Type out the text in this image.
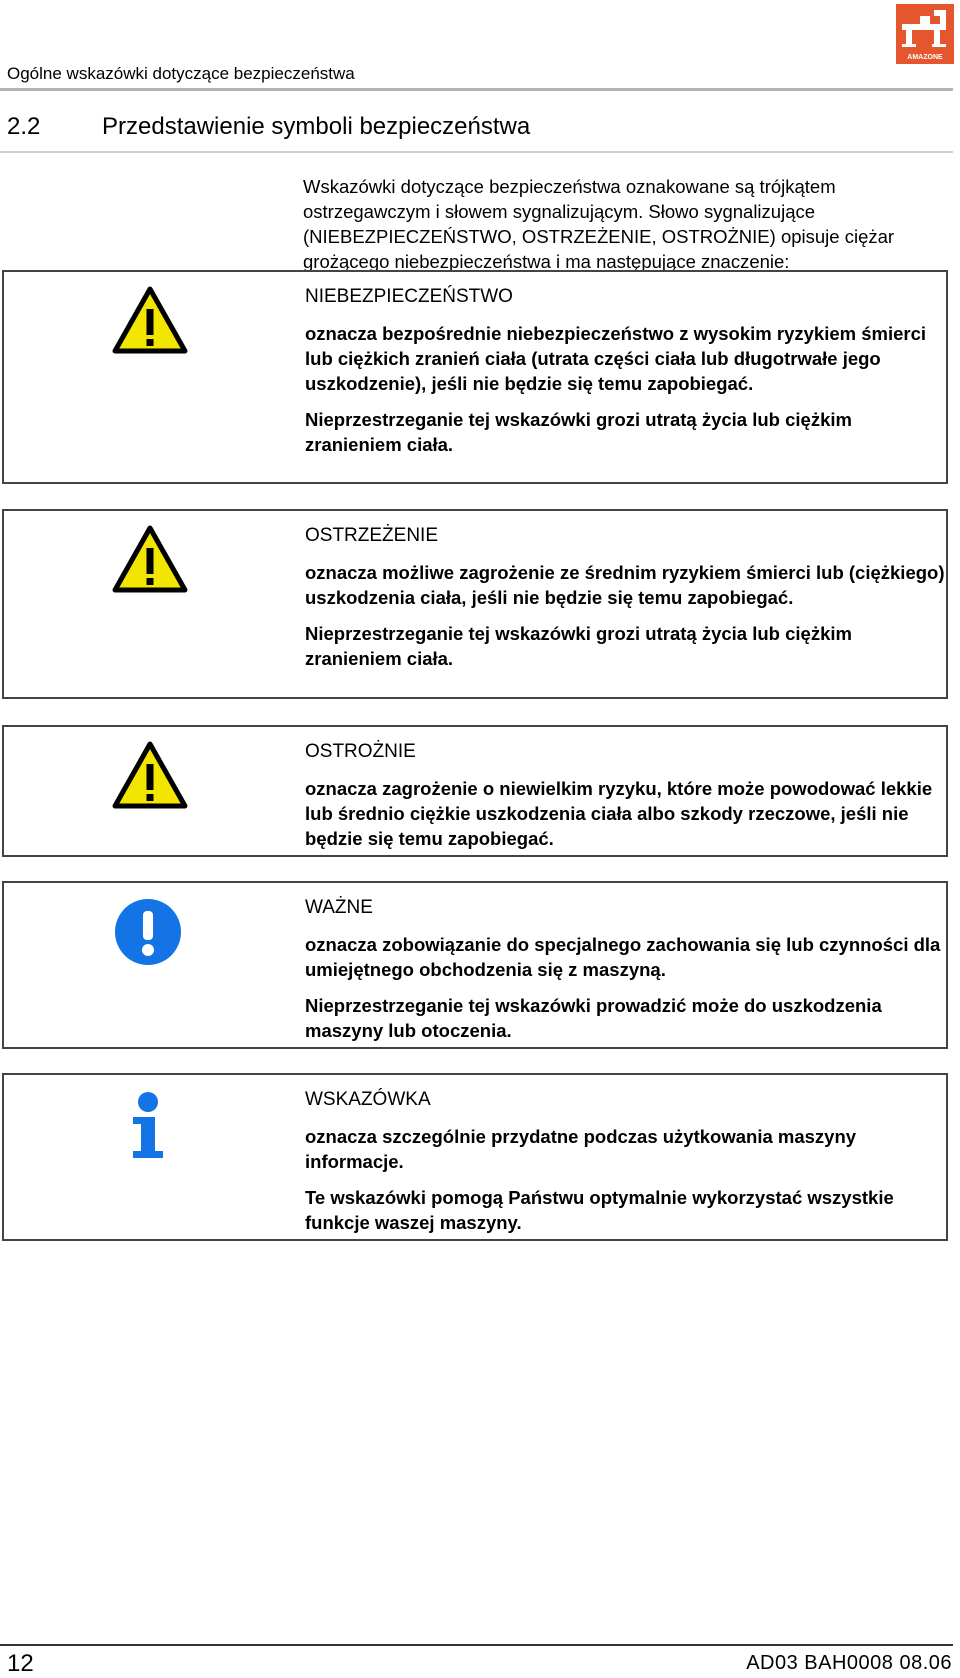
Ogólne wskazówki dotyczące bezpieczeństwa
AMAZONE
2.2	Przedstawienie symboli bezpieczeństwa
Wskazówki dotyczące bezpieczeństwa oznakowane są trójkątem ostrzegawczym i słowem sygnalizującym. Słowo sygnalizujące (NIEBEZPIECZEŃSTWO, OSTRZEŻENIE, OSTROŻNIE) opisuje ciężar grożącego niebezpieczeństwa i ma następujące znaczenie:
NIEBEZPIECZEŃSTWO
oznacza bezpośrednie niebezpieczeństwo z wysokim ryzykiem śmierci lub ciężkich zranień ciała (utrata części ciała lub długotrwałe jego uszkodzenie), jeśli nie będzie się temu zapobiegać.
Nieprzestrzeganie tej wskazówki grozi utratą życia lub ciężkim zranieniem ciała.
OSTRZEŻENIE
oznacza możliwe zagrożenie ze średnim ryzykiem śmierci lub (ciężkiego) uszkodzenia ciała, jeśli nie będzie się temu zapobiegać.
Nieprzestrzeganie tej wskazówki grozi utratą życia lub ciężkim zranieniem ciała.
OSTROŻNIE
oznacza zagrożenie o niewielkim ryzyku, które może powodować lekkie lub średnio ciężkie uszkodzenia ciała albo szkody rzeczowe, jeśli nie będzie się temu zapobiegać.
WAŻNE
oznacza zobowiązanie do specjalnego zachowania się lub czynności dla umiejętnego obchodzenia się z maszyną.
Nieprzestrzeganie tej wskazówki prowadzić może do uszkodzenia maszyny lub otoczenia.
WSKAZÓWKA
oznacza szczególnie przydatne podczas użytkowania maszyny informacje.
Te wskazówki pomogą Państwu optymalnie wykorzystać wszystkie funkcje waszej maszyny.
12	AD03 BAH0008 08.06
